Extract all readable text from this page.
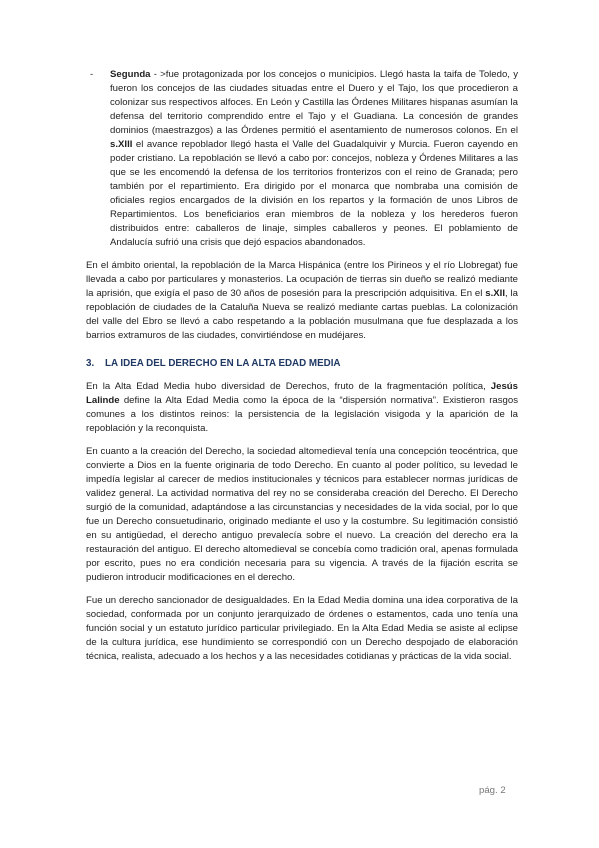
-	Segunda - >fue protagonizada por los concejos o municipios. Llegó hasta la taifa de Toledo, y fueron los concejos de las ciudades situadas entre el Duero y el Tajo, los que procedieron a colonizar sus respectivos alfoces. En León y Castilla las Órdenes Militares hispanas asumían la defensa del territorio comprendido entre el Tajo y el Guadiana. La concesión de grandes dominios (maestrazgos) a las Órdenes permitió el asentamiento de numerosos colonos. En el s.XIII el avance repoblador llegó hasta el Valle del Guadalquivir y Murcia. Fueron cayendo en poder cristiano. La repoblación se llevó a cabo por: concejos, nobleza y Órdenes Militares a las que se les encomendó la defensa de los territorios fronterizos con el reino de Granada; pero también por el repartimiento. Era dirigido por el monarca que nombraba una comisión de oficiales regios encargados de la división en los repartos y la formación de unos Libros de Repartimientos. Los beneficiarios eran miembros de la nobleza y los herederos fueron distribuidos entre: caballeros de linaje, simples caballeros y peones. El poblamiento de Andalucía sufrió una crisis que dejó espacios abandonados.

En el ámbito oriental, la repoblación de la Marca Hispánica (entre los Pirineos y el río Llobregat) fue llevada a cabo por particulares y monasterios. La ocupación de tierras sin dueño se realizó mediante la aprisión, que exigía el paso de 30 años de posesión para la prescripción adquisitiva. En el s.XII, la repoblación de ciudades de la Cataluña Nueva se realizó mediante cartas pueblas. La colonización del valle del Ebro se llevó a cabo respetando a la población musulmana que fue desplazada a los barrios extramuros de las ciudades, convirtiéndose en mudéjares.

3. LA IDEA DEL DERECHO EN LA ALTA EDAD MEDIA

En la Alta Edad Media hubo diversidad de Derechos, fruto de la fragmentación política, Jesús Lalinde define la Alta Edad Media como la época de la “dispersión normativa”. Existieron rasgos comunes a los distintos reinos: la persistencia de la legislación visigoda y la aparición de la repoblación y la reconquista.

En cuanto a la creación del Derecho, la sociedad altomedieval tenía una concepción teocéntrica, que convierte a Dios en la fuente originaria de todo Derecho. En cuanto al poder político, su levedad le impedía legislar al carecer de medios institucionales y técnicos para establecer normas jurídicas de validez general. La actividad normativa del rey no se consideraba creación del Derecho. El Derecho surgió de la comunidad, adaptándose a las circunstancias y necesidades de la vida social, por lo que fue un Derecho consuetudinario, originado mediante el uso y la costumbre. Su legitimación consistió en su antigüedad, el derecho antiguo prevalecía sobre el nuevo. La creación del derecho era la restauración del antiguo. El derecho altomedieval se concebía como tradición oral, apenas formulada por escrito, pues no era condición necesaria para su vigencia. A través de la fijación escrita se pudieron introducir modificaciones en el derecho.

Fue un derecho sancionador de desigualdades. En la Edad Media domina una idea corporativa de la sociedad, conformada por un conjunto jerarquizado de órdenes o estamentos, cada uno tenía una función social y un estatuto jurídico particular privilegiado. En la Alta Edad Media se asiste al eclipse de la cultura jurídica, ese hundimiento se correspondió con un Derecho despojado de elaboración técnica, realista, adecuado a los hechos y a las necesidades cotidianas y prácticas de la vida social.

pág. 2
